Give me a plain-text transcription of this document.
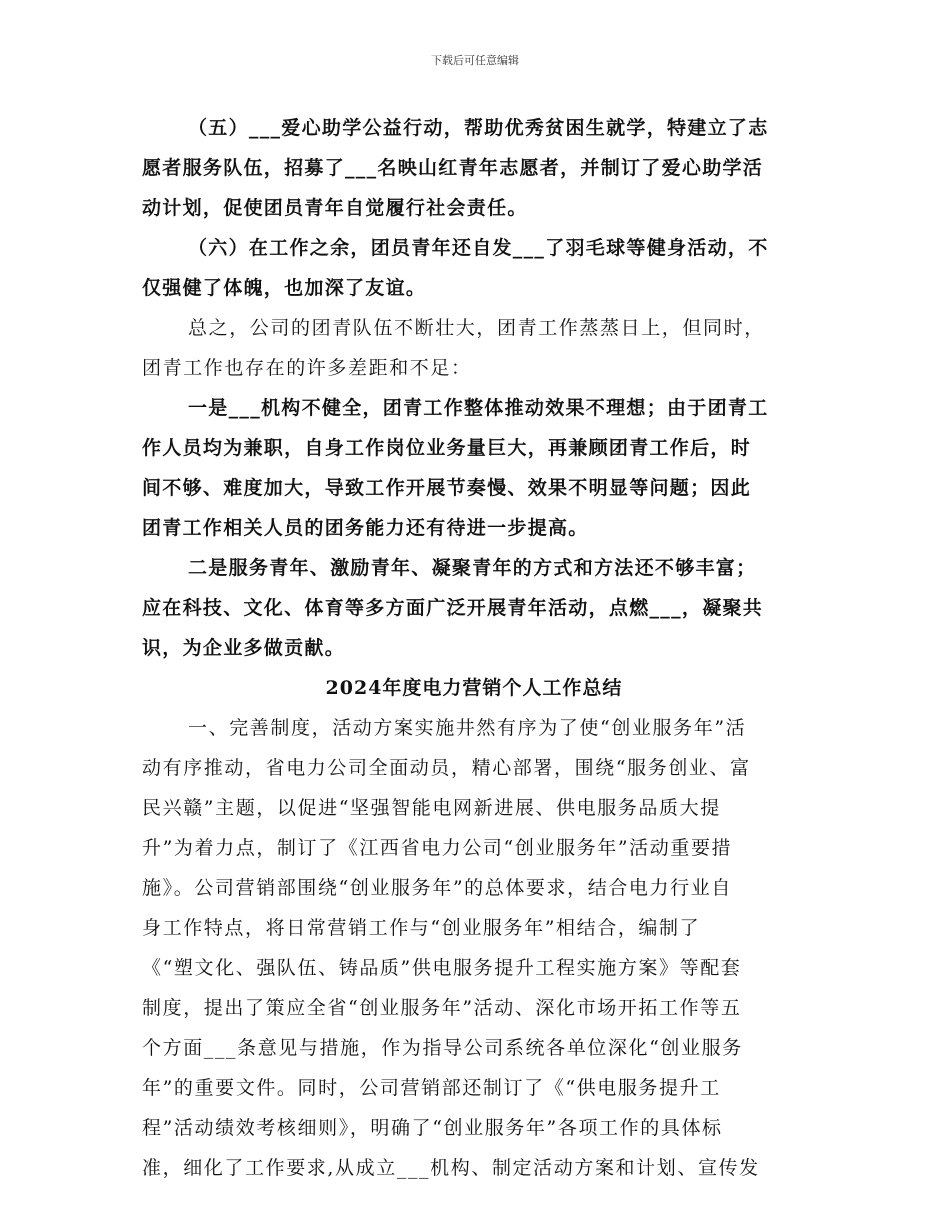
下载后可任意编辑
（五）___爱心助学公益行动，帮助优秀贫困生就学，特建立了志
愿者服务队伍，招募了___名映山红青年志愿者，并制订了爱心助学活
动计划，促使团员青年自觉履行社会责任。
（六）在工作之余，团员青年还自发___了羽毛球等健身活动，不
仅强健了体魄，也加深了友谊。
总之，公司的团青队伍不断壮大，团青工作蒸蒸日上，但同时，
团青工作也存在的许多差距和不足：
一是___机构不健全，团青工作整体推动效果不理想；由于团青工
作人员均为兼职，自身工作岗位业务量巨大，再兼顾团青工作后，时
间不够、难度加大，导致工作开展节奏慢、效果不明显等问题；因此
团青工作相关人员的团务能力还有待进一步提高。
二是服务青年、激励青年、凝聚青年的方式和方法还不够丰富；
应在科技、文化、体育等多方面广泛开展青年活动，点燃___，凝聚共
识，为企业多做贡献。
2024年度电力营销个人工作总结
一、完善制度，活动方案实施井然有序为了使“创业服务年”活
动有序推动，省电力公司全面动员，精心部署，围绕“服务创业、富
民兴赣”主题，以促进“坚强智能电网新进展、供电服务品质大提
升”为着力点，制订了《江西省电力公司“创业服务年”活动重要措
施》。公司营销部围绕“创业服务年”的总体要求，结合电力行业自
身工作特点，将日常营销工作与“创业服务年”相结合，编制了
《“塑文化、强队伍、铸品质”供电服务提升工程实施方案》等配套
制度，提出了策应全省“创业服务年”活动、深化市场开拓工作等五
个方面___条意见与措施，作为指导公司系统各单位深化“创业服务
年”的重要文件。同时，公司营销部还制订了《“供电服务提升工
程”活动绩效考核细则》，明确了“创业服务年”各项工作的具体标
准，细化了工作要求,从成立___机构、制定活动方案和计划、宣传发
